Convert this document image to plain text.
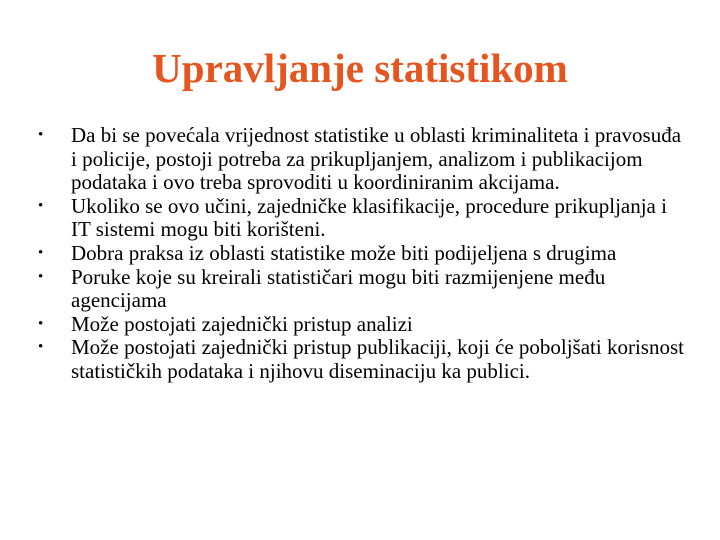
Upravljanje statistikom
• Da bi se povećala vrijednost statistike u oblasti kriminaliteta i pravosuđa i policije, postoji potreba za prikupljanjem, analizom i publikacijom podataka i ovo treba sprovoditi u koordiniranim akcijama.
• Ukoliko se ovo učini, zajedničke klasifikacije, procedure prikupljanja i IT sistemi mogu biti korišteni.
• Dobra praksa iz oblasti statistike može biti podijeljena s drugima
• Poruke koje su kreirali statističari mogu biti razmijenjene među agencijama
• Može postojati zajednički pristup analizi
• Može postojati zajednički pristup publikaciji, koji će poboljšati korisnost statističkih podataka i njihovu diseminaciju ka publici.
